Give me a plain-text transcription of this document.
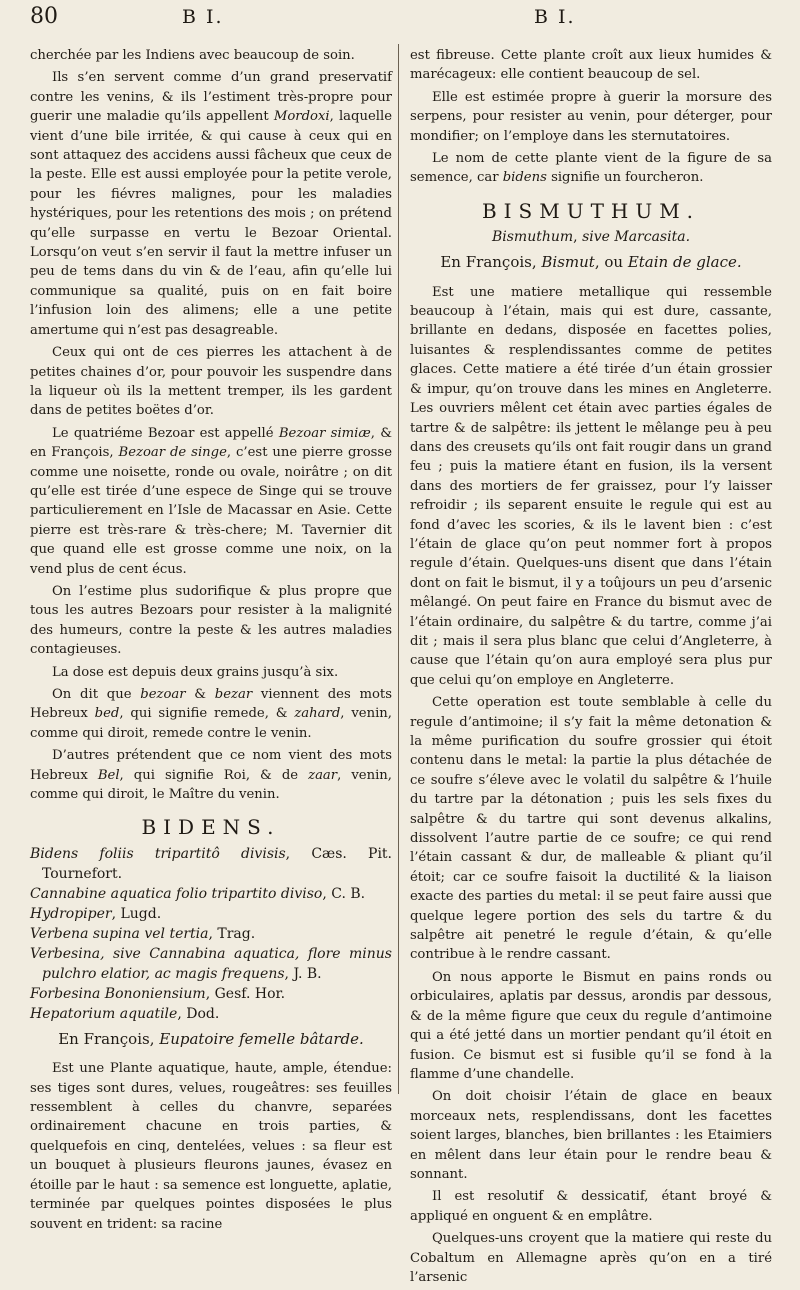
80	B I.	B I.

cherchée par les Indiens avec beaucoup de soin.

Ils s’en servent comme d’un grand preservatif contre les venins, & ils l’estiment très-propre pour guerir une maladie qu’ils appellent Mordoxi, laquelle vient d’une bile irritée, & qui cause à ceux qui en sont attaquez des accidens aussi fâcheux que ceux de la peste. Elle est aussi employée pour la petite verole, pour les fiévres malignes, pour les maladies hystériques, pour les retentions des mois ; on prétend qu’elle surpasse en vertu le Bezoar Oriental. Lorsqu’on veut s’en servir il faut la mettre infuser un peu de tems dans du vin & de l’eau, afin qu’elle lui communique sa qualité, puis on en fait boire l’infusion loin des alimens; elle a une petite amertume qui n’est pas desagreable.

Ceux qui ont de ces pierres les attachent à de petites chaines d’or, pour pouvoir les suspendre dans la liqueur où ils la mettent tremper, ils les gardent dans de petites boëtes d’or.

Le quatriéme Bezoar est appellé Bezoar simiæ, & en François, Bezoar de singe, c’est une pierre grosse comme une noisette, ronde ou ovale, noirâtre ; on dit qu’elle est tirée d’une espece de Singe qui se trouve particulierement en l’Isle de Macassar en Asie. Cette pierre est très-rare & très-chere; M. Tavernier dit que quand elle est grosse comme une noix, on la vend plus de cent écus.

On l’estime plus sudorifique & plus propre que tous les autres Bezoars pour resister à la malignité des humeurs, contre la peste & les autres maladies contagieuses.

La dose est depuis deux grains jusqu’à six.

On dit que bezoar & bezar viennent des mots Hebreux bed, qui signifie remede, & zahard, venin, comme qui diroit, remede contre le venin.

D’autres prétendent que ce nom vient des mots Hebreux Bel, qui signifie Roi, & de zaar, venin, comme qui diroit, le Maître du venin.

BIDENS.

Bidens foliis tripartitô divisis, Cæs. Pit. Tournefort.

Cannabine aquatica folio tripartito diviso, C. B.

Hydropiper, Lugd.

Verbena supina vel tertia, Trag.

Verbesina, sive Cannabina aquatica, flore minus pulchro elatior, ac magis frequens, J. B.

Forbesina Bononiensium, Gesf. Hor.

Hepatorium aquatile, Dod.

En François, Eupatoire femelle bâtarde.

Est une Plante aquatique, haute, ample, étendue: ses tiges sont dures, velues, rougeâtres: ses feuilles ressemblent à celles du chanvre, separées ordinairement chacune en trois parties, & quelquefois en cinq, dentelées, velues : sa fleur est un bouquet à plusieurs fleurons jaunes, évasez en étoille par le haut : sa semence est longuette, aplatie, terminée par quelques pointes disposées le plus souvent en trident: sa racine

est fibreuse. Cette plante croît aux lieux humides & marécageux: elle contient beaucoup de sel.

Elle est estimée propre à guerir la morsure des serpens, pour resister au venin, pour déterger, pour mondifier; on l’employe dans les sternutatoires.

Le nom de cette plante vient de la figure de sa semence, car bidens signifie un fourcheron.

BISMUTHUM.

Bismuthum, sive Marcasita.

En François, Bismut, ou Etain de glace.

Est une matiere metallique qui ressemble beaucoup à l’étain, mais qui est dure, cassante, brillante en dedans, disposée en facettes polies, luisantes & resplendissantes comme de petites glaces. Cette matiere a été tirée d’un étain grossier & impur, qu’on trouve dans les mines en Angleterre. Les ouvriers mêlent cet étain avec parties égales de tartre & de salpêtre: ils jettent le mêlange peu à peu dans des creusets qu’ils ont fait rougir dans un grand feu ; puis la matiere étant en fusion, ils la versent dans des mortiers de fer graissez, pour l’y laisser refroidir ; ils separent ensuite le regule qui est au fond d’avec les scories, & ils le lavent bien : c’est l’étain de glace qu’on peut nommer fort à propos regule d’étain. Quelques-uns disent que dans l’étain dont on fait le bismut, il y a toûjours un peu d’arsenic mêlangé. On peut faire en France du bismut avec de l’étain ordinaire, du salpêtre & du tartre, comme j’ai dit ; mais il sera plus blanc que celui d’Angleterre, à cause que l’étain qu’on aura employé sera plus pur que celui qu’on employe en Angleterre.

Cette operation est toute semblable à celle du regule d’antimoine; il s’y fait la même detonation & la même purification du soufre grossier qui étoit contenu dans le metal: la partie la plus détachée de ce soufre s’éleve avec le volatil du salpêtre & l’huile du tartre par la détonation ; puis les sels fixes du salpêtre & du tartre qui sont devenus alkalins, dissolvent l’autre partie de ce soufre; ce qui rend l’étain cassant & dur, de malleable & pliant qu’il étoit; car ce soufre faisoit la ductilité & la liaison exacte des parties du metal: il se peut faire aussi que quelque legere portion des sels du tartre & du salpêtre ait penetré le regule d’étain, & qu’elle contribue à le rendre cassant.

On nous apporte le Bismut en pains ronds ou orbiculaires, aplatis par dessus, arondis par dessous, & de la même figure que ceux du regule d’antimoine qui a été jetté dans un mortier pendant qu’il étoit en fusion. Ce bismut est si fusible qu’il se fond à la flamme d’une chandelle.

On doit choisir l’étain de glace en beaux morceaux nets, resplendissans, dont les facettes soient larges, blanches, bien brillantes : les Etaimiers en mêlent dans leur étain pour le rendre beau & sonnant.

Il est resolutif & dessicatif, étant broyé & appliqué en onguent & en emplâtre.

Quelques-uns croyent que la matiere qui reste du Cobaltum en Allemagne après qu’on en a tiré l’arsenic
